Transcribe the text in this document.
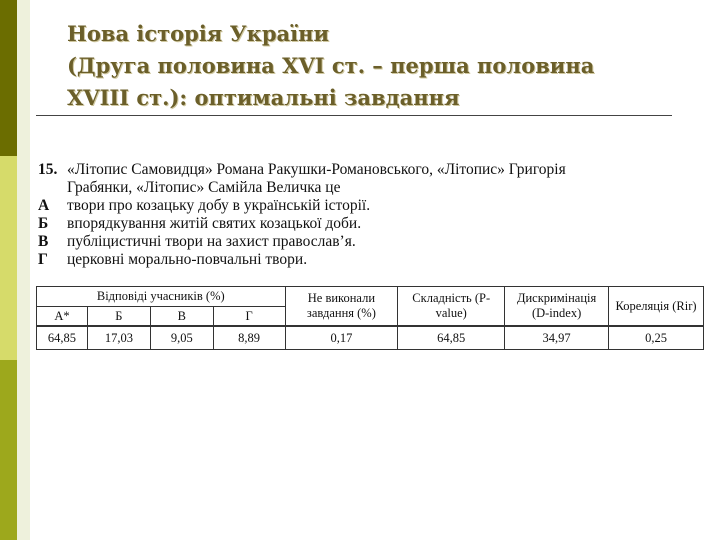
Нова історія України
(Друга половина XVI ст. – перша половина
XVIII ст.): оптимальні завдання
15. «Літопис Самовидця» Романа Ракушки-Романовського, «Літопис» Григорія
Грабянки, «Літопис» Самійла Величка це
А твори про козацьку добу в українській історії.
Б впорядкування житій святих козацької доби.
В публіцистичні твори на захист православ’я.
Г церковні морально-повчальні твори.
Відповіді учасників (%)				Не виконали завдання (%)	Складність (P-value)	Дискримінація (D-index)	Кореляція (Rir)
А*	Б	В	Г				
64,85	17,03	9,05	8,89	0,17	64,85	34,97	0,25
